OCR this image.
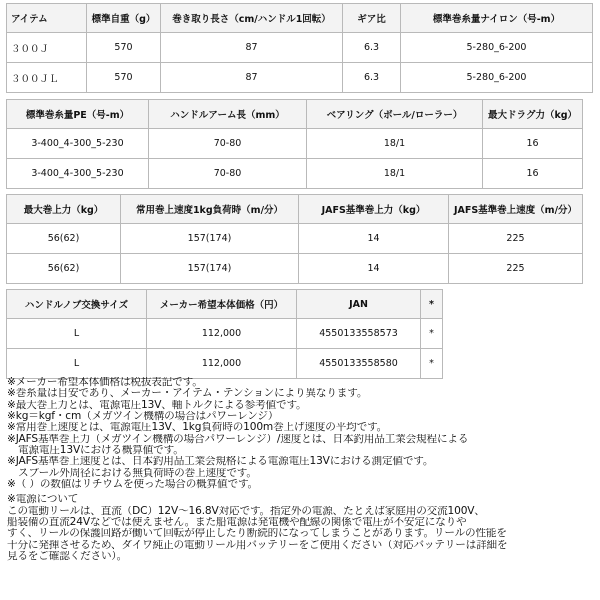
アイテム	標準自重（g）	巻き取り長さ（cm/ハンドル1回転）	ギア比	標準巻糸量ナイロン（号-m）
３００Ｊ	570	87	6.3	5-280_6-200
３００ＪＬ	570	87	6.3	5-280_6-200
標準巻糸量PE（号-m）	ハンドルアーム長（mm）	ベアリング（ボール/ローラー）	最大ドラグ力（kg）
3-400_4-300_5-230	70-80	18/1	16
3-400_4-300_5-230	70-80	18/1	16
最大巻上力（kg）	常用巻上速度1kg負荷時（m/分）	JAFS基準巻上力（kg）	JAFS基準巻上速度（m/分）
56(62)	157(174)	14	225
56(62)	157(174)	14	225
ハンドルノブ交換サイズ	メーカー希望本体価格（円）	JAN	*
L	112,000	4550133558573	*
L	112,000	4550133558580	*
※メーカー希望本体価格は税抜表記です。
※巻糸量は目安であり、メーカー・アイテム・テンションにより異なります。
※最大巻上力とは、電源電圧13V、軸トルクによる参考値です。
※kg＝kgf・cm（メガツイン機構の場合はパワーレンジ）
※常用巻上速度とは、電源電圧13V、1kg負荷時の100m巻上げ速度の平均です。
※JAFS基準巻上力（メガツイン機構の場合パワーレンジ）/速度とは、日本釣用品工業会規程による
電源電圧13Vにおける概算値です。
※JAFS基準巻上速度とは、日本釣用品工業会規格による電源電圧13Vにおける測定値です。
スプール外周径における無負荷時の巻上速度です。
※（ ）の数値はリチウムを使った場合の概算値です。
※電源について
この電動リールは、直流（DC）12V〜16.8V対応です。指定外の電源、たとえば家庭用の交流100V、
船装備の直流24Vなどでは使えません。また船電源は発電機や配線の関係で電圧が不安定になりや
すく、リールの保護回路が働いて回転が停止したり断続的になってしまうことがあります。リールの性能を
十分に発揮させるため、ダイワ純正の電動リール用バッテリーをご使用ください（対応バッテリーは詳細を
見るをご確認ください）。
